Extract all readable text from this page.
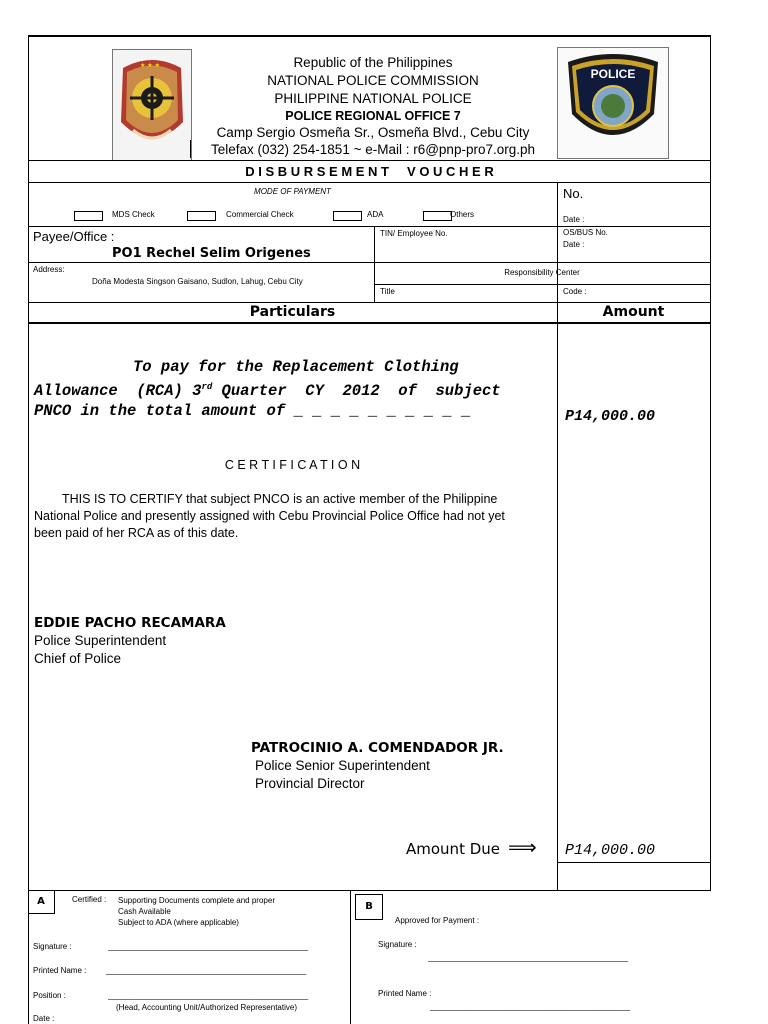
★ ★ ★	Republic of the Philippines
NATIONAL POLICE COMMISSION
PHILIPPINE NATIONAL POLICE
POLICE REGIONAL OFFICE 7
Camp Sergio Osmeña Sr., Osmeña Blvd., Cebu City
Telefax (032) 254-1851 ~ e-Mail : r6@pnp-pro7.org.ph
POLICE
D I S B U R S E M E N T     V O U C H E R
MODE OF PAYMENT
MDS Check	Commercial Check	ADA	Others
No.
Date :
Payee/Office :
PO1 Rechel Selim Origenes
TIN/ Employee No.	OS/BUS No.
Date :
Address:
Doña Modesta Singson Gaisano, Sudlon, Lahug, Cebu City
Responsibility Center
Title	Code :
Particulars	Amount
To pay for the Replacement Clothing
Allowance  (RCA) 3rd Quarter  CY  2012  of  subject
PNCO in the total amount of _ _ _ _ _ _ _ _ _ _	P14,000.00
C E R T I F I C A T I O N
THIS IS TO CERTIFY that subject PNCO is an active member of the Philippine
National Police and presently assigned with Cebu Provincial Police Office had not yet
been paid of her RCA as of this date.
EDDIE PACHO RECAMARA
Police Superintendent
Chief of Police
PATROCINIO A. COMENDADOR JR.
Police Senior Superintendent
Provincial Director
Amount Due ⟹ P14,000.00
A	Certified : Supporting Documents complete and proper
Cash Available
Subject to ADA (where applicable)
Signature :	_____________________________________________
Printed Name : _____________________________________________
Position :	_____________________________________________
(Head, Accounting Unit/Authorized Representative)
Date :
B
Approved for Payment :
Signature :
_____________________________________________
Printed Name :
_____________________________________________
